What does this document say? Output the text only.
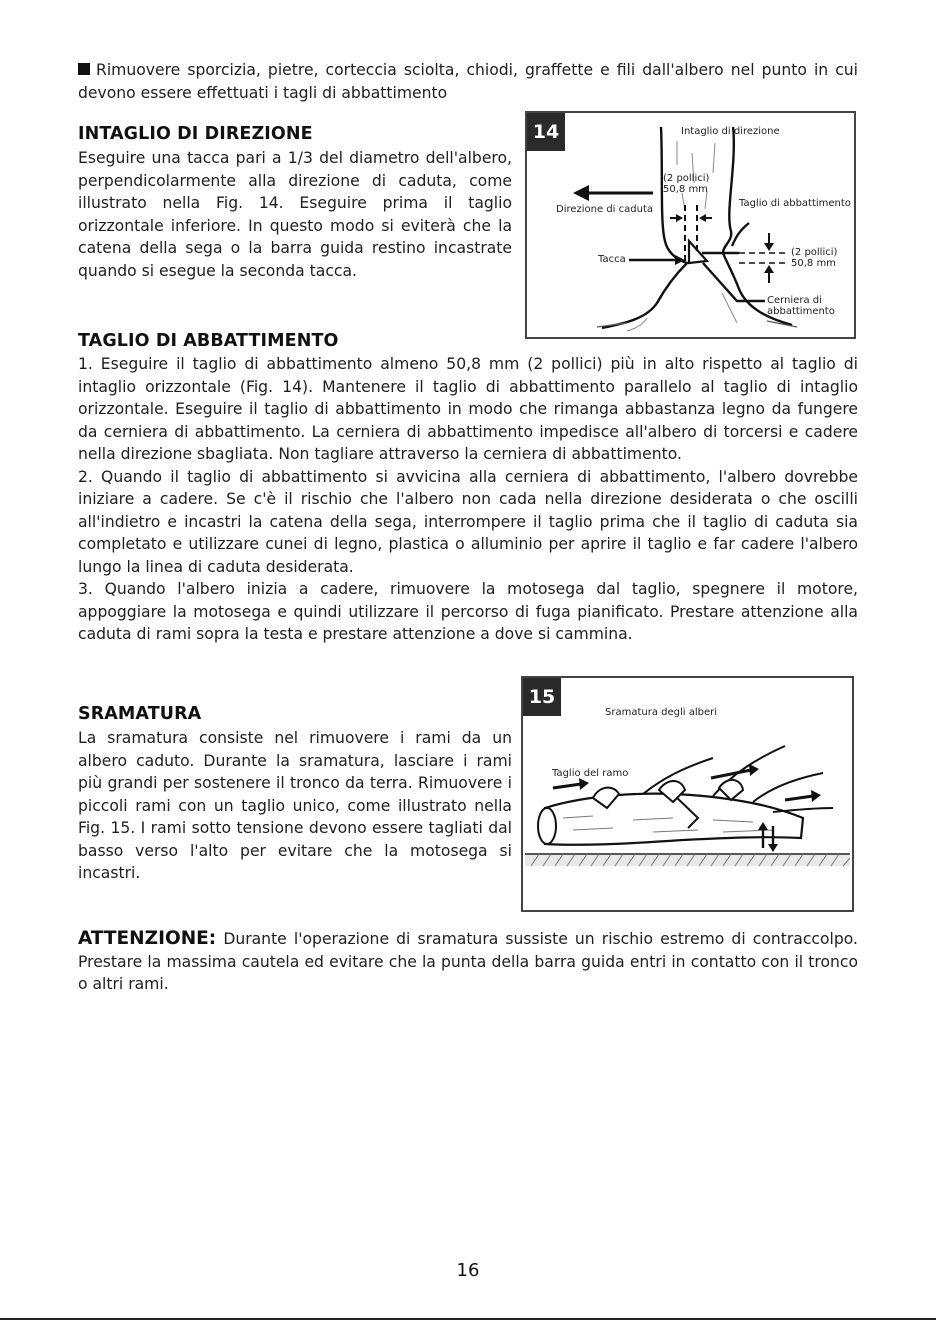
Rimuovere sporcizia, pietre, corteccia sciolta, chiodi, graffette e fili dall'albero nel punto in cui devono essere effettuati i tagli di abbattimento

INTAGLIO DI DIREZIONE

Eseguire una tacca pari a 1/3 del diametro dell'albero, perpendicolarmente alla direzione di caduta, come illustrato nella Fig. 14. Eseguire prima il taglio orizzontale inferiore. In questo modo si eviterà che la catena della sega o la barra guida restino incastrate quando si esegue la seconda tacca.

14	Intaglio di direzione
(2 pollici)
50,8 mm
Direzione di caduta
Taglio di abbattimento
Tacca
(2 pollici)
50,8 mm
Cerniera di
abbattimento
TAGLIO DI ABBATTIMENTO

1. Eseguire il taglio di abbattimento almeno 50,8 mm (2 pollici) più in alto rispetto al taglio di intaglio orizzontale (Fig. 14). Mantenere il taglio di abbattimento parallelo al taglio di intaglio orizzontale. Eseguire il taglio di abbattimento in modo che rimanga abbastanza legno da fungere da cerniera di abbattimento. La cerniera di abbattimento impedisce all'albero di torcersi e cadere nella direzione sbagliata. Non tagliare attraverso la cerniera di abbattimento.

2. Quando il taglio di abbattimento si avvicina alla cerniera di abbattimento, l'albero dovrebbe iniziare a cadere. Se c'è il rischio che l'albero non cada nella direzione desiderata o che oscilli all'indietro e incastri la catena della sega, interrompere il taglio prima che il taglio di caduta sia completato e utilizzare cunei di legno, plastica o alluminio per aprire il taglio e far cadere l'albero lungo la linea di caduta desiderata.

3. Quando l'albero inizia a cadere, rimuovere la motosega dal taglio, spegnere il motore, appoggiare la motosega e quindi utilizzare il percorso di fuga pianificato. Prestare attenzione alla caduta di rami sopra la testa e prestare attenzione a dove si cammina.

SRAMATURA

La sramatura consiste nel rimuovere i rami da un albero caduto. Durante la sramatura, lasciare i rami più grandi per sostenere il tronco da terra. Rimuovere i piccoli rami con un taglio unico, come illustrato nella Fig. 15. I rami sotto tensione devono essere tagliati dal basso verso l'alto per evitare che la motosega si incastri.

15
Sramatura degli alberi
Taglio del ramo

ATTENZIONE: Durante l'operazione di sramatura sussiste un rischio estremo di contraccolpo. Prestare la massima cautela ed evitare che la punta della barra guida entri in contatto con il tronco o altri rami.

16
